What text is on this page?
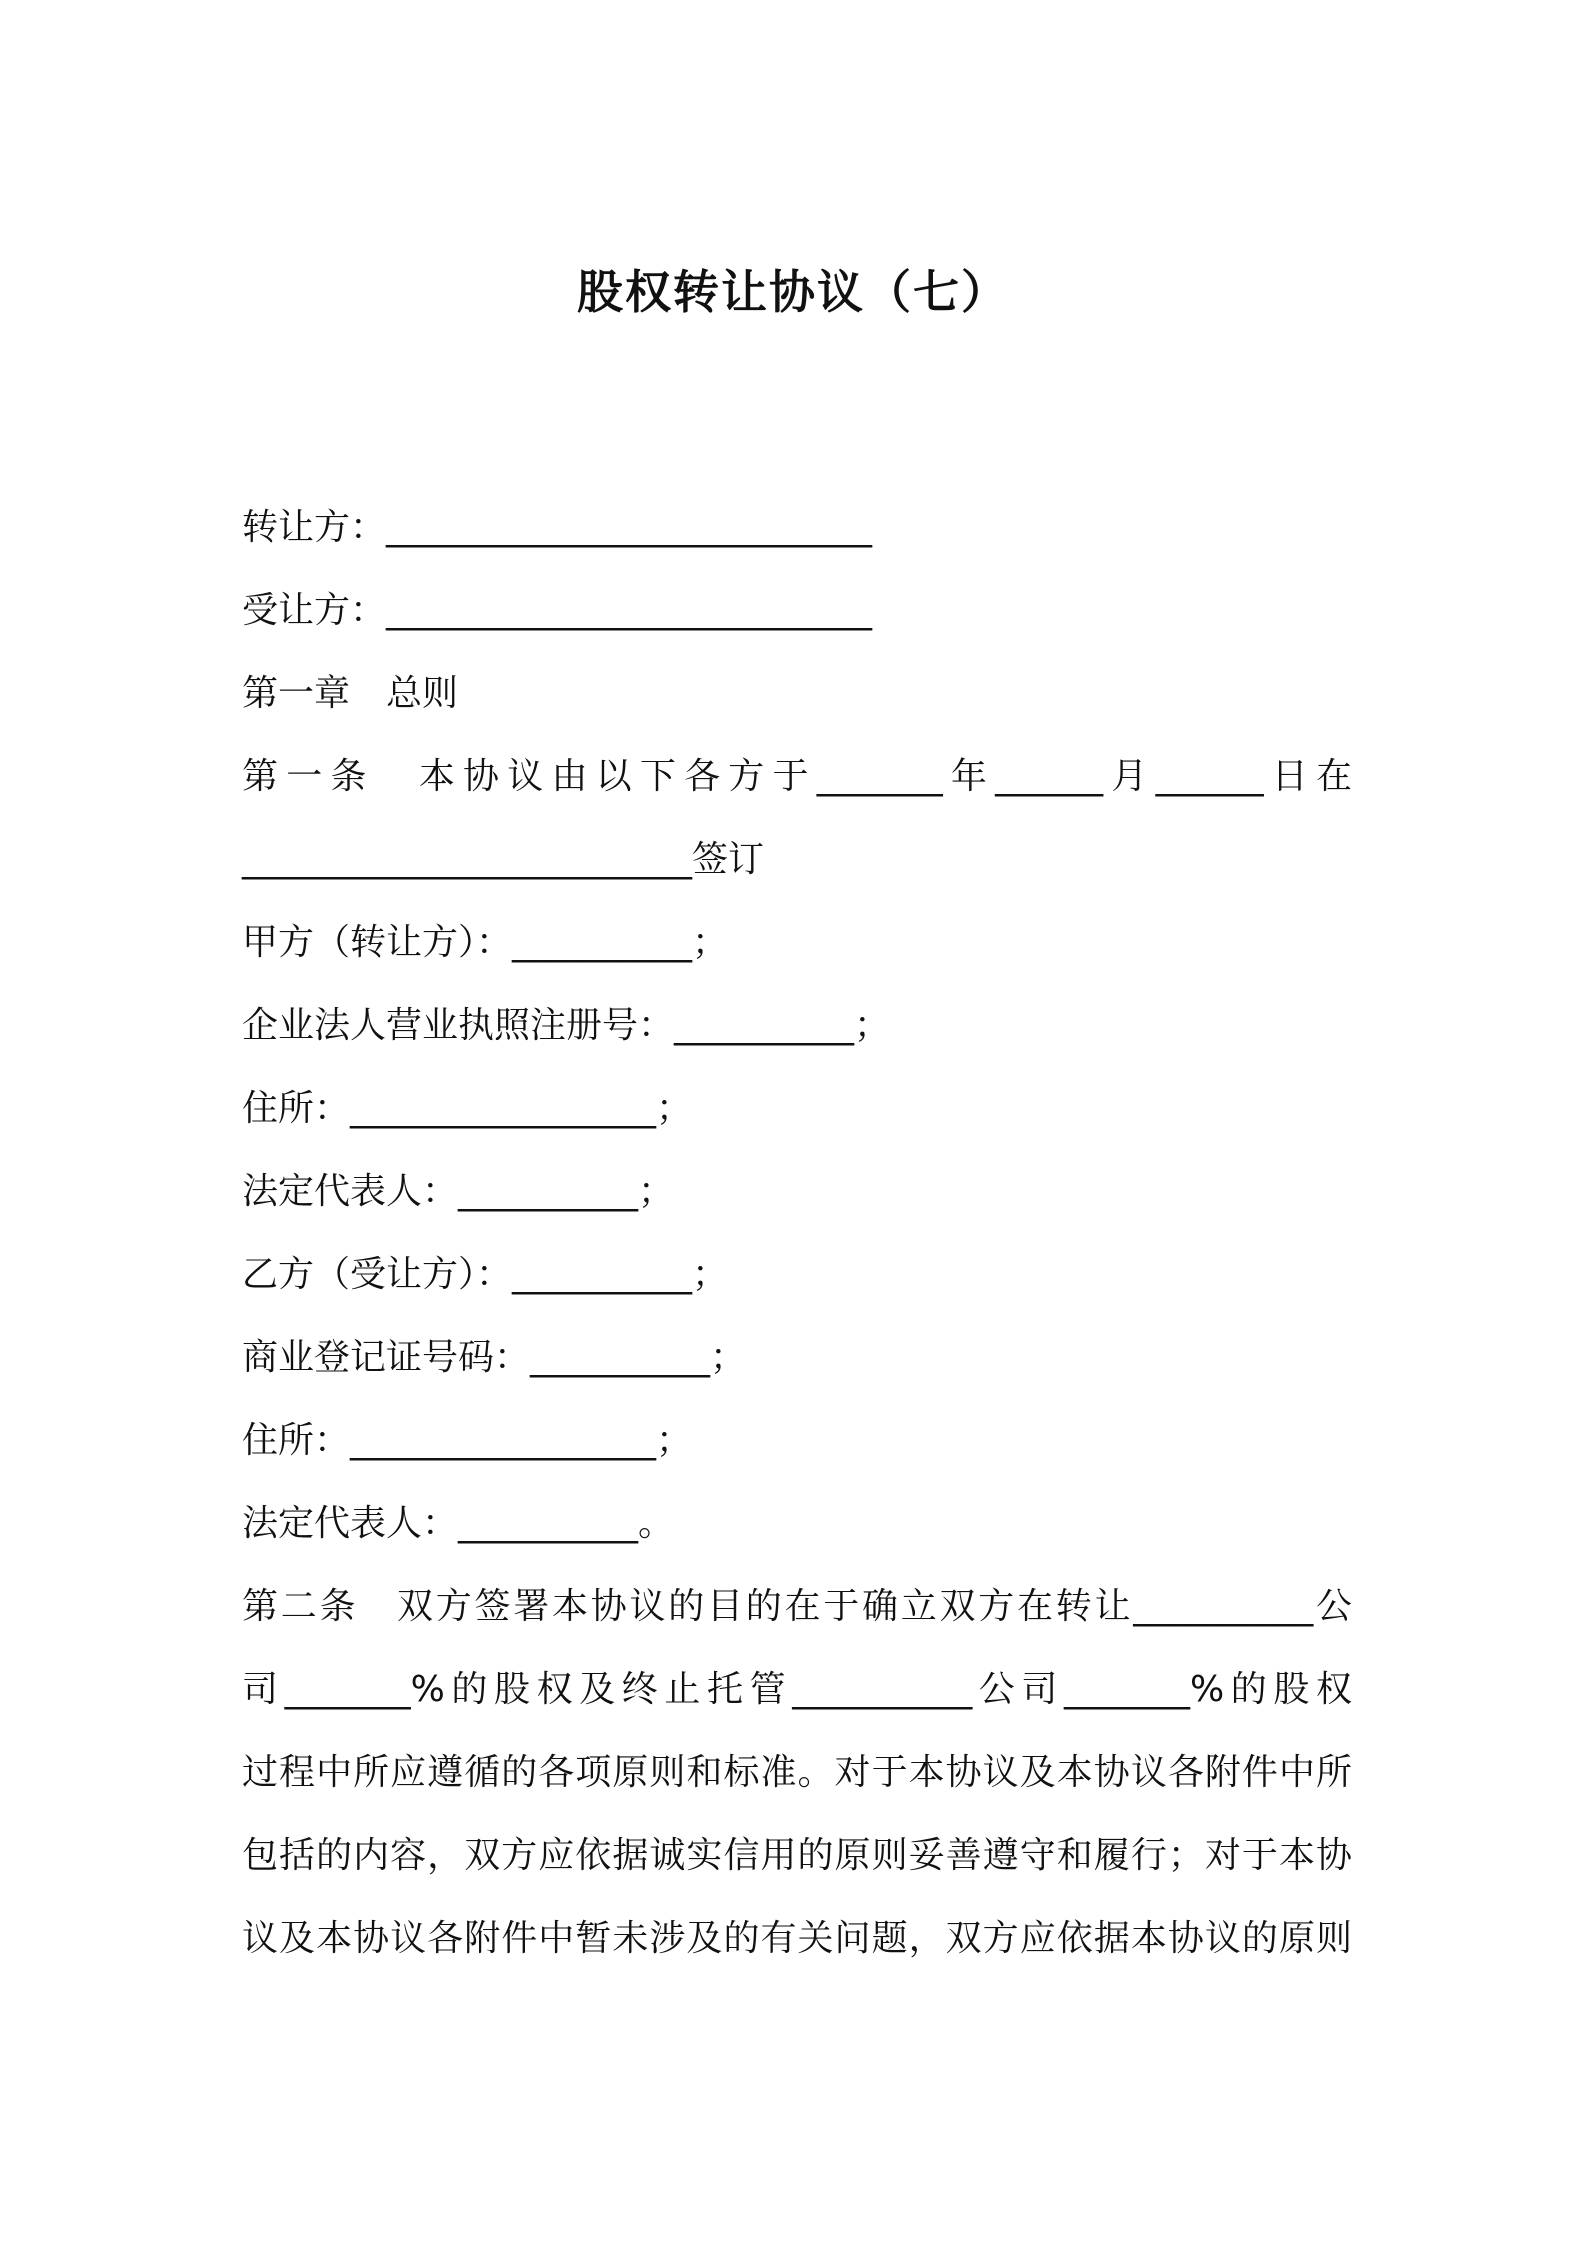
股权转让协议（七）
转让方：___________________________
受让方：___________________________
第一章　总则
第一条　本协议由以下各方于_______年______月______日在
_________________________签订
甲方（转让方）：__________；
企业法人营业执照注册号：__________；
住所：_________________；
法定代表人：__________；
乙方（受让方）：__________；
商业登记证号码：__________；
住所：_________________；
法定代表人：__________。
第二条　双方签署本协议的目的在于确立双方在转让__________公
司_______%的股权及终止托管__________公司_______%的股权
过程中所应遵循的各项原则和标准。对于本协议及本协议各附件中所
包括的内容，双方应依据诚实信用的原则妥善遵守和履行；对于本协
议及本协议各附件中暂未涉及的有关问题，双方应依据本协议的原则
